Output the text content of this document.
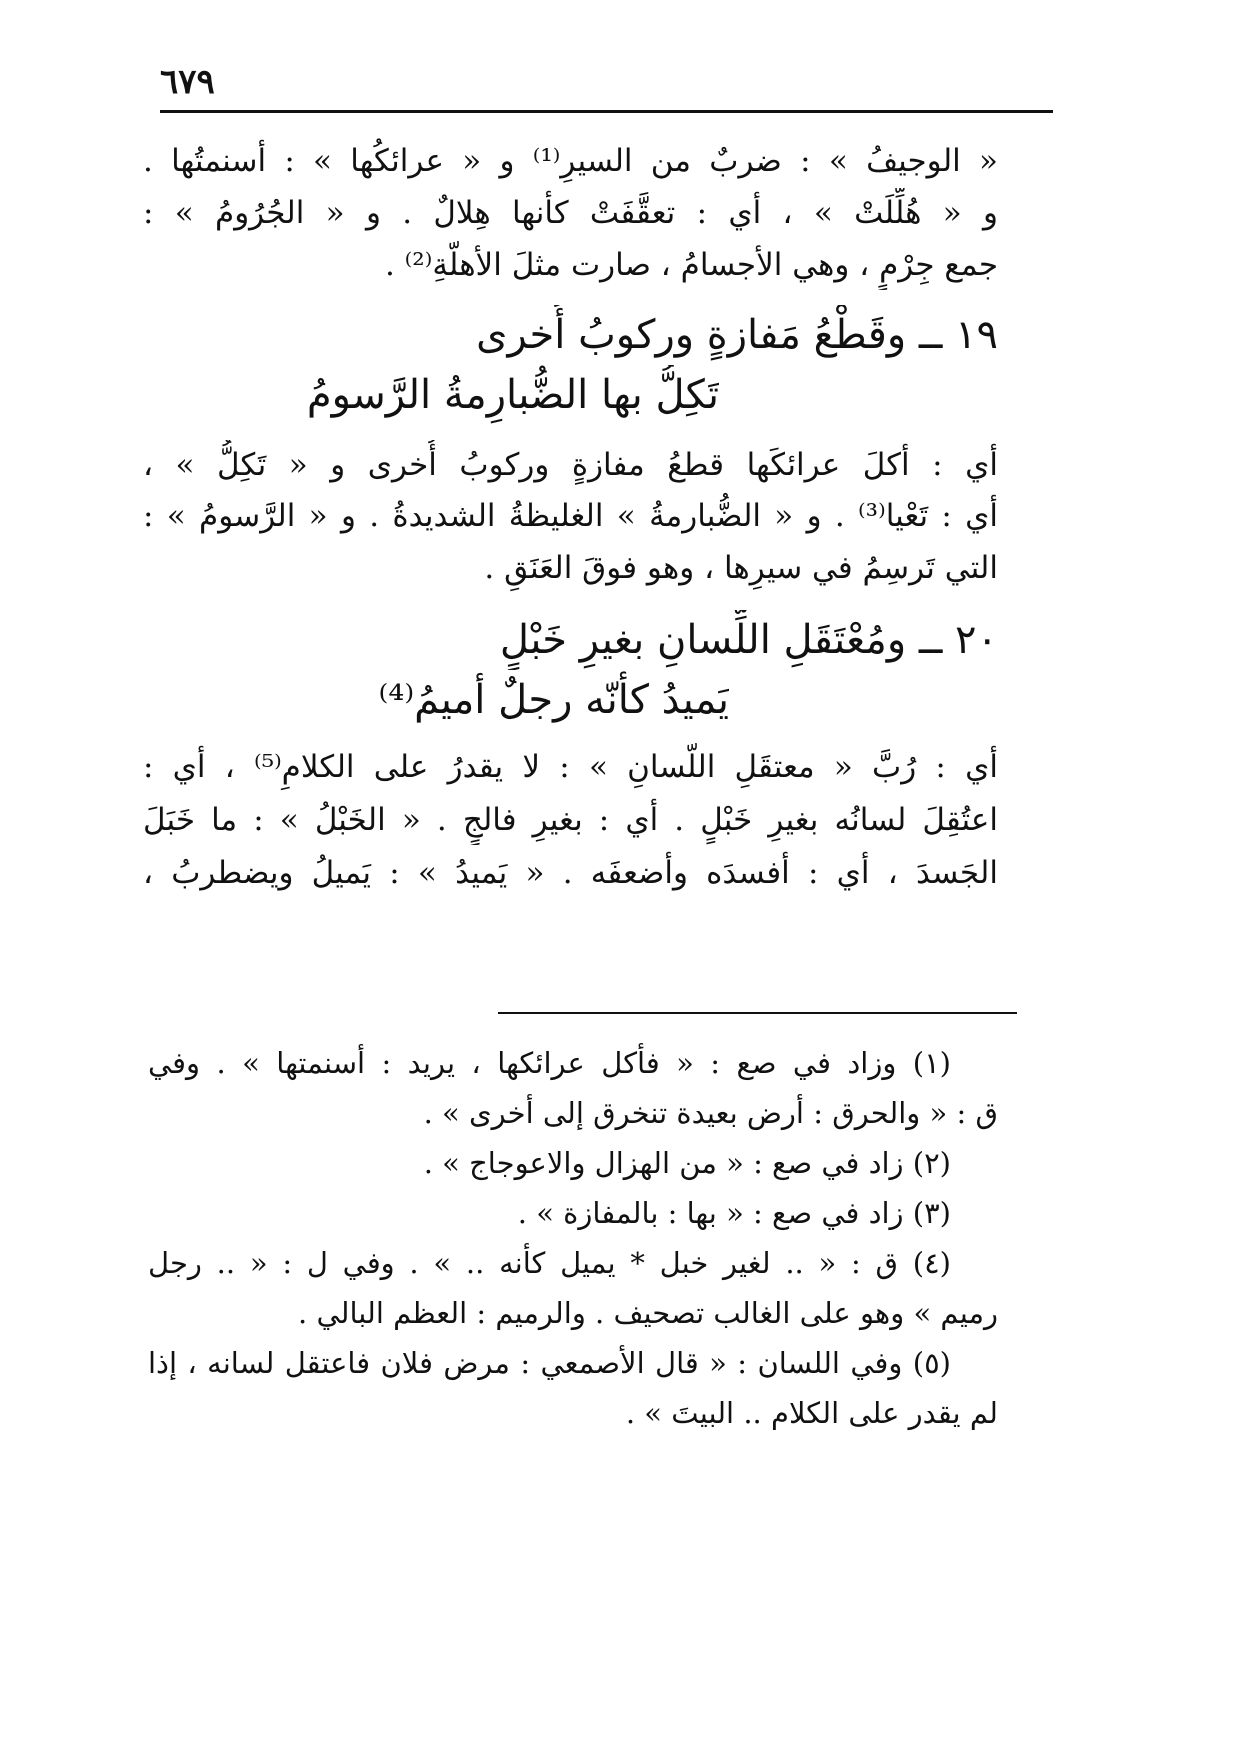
٦٧٩
« الوجيفُ » : ضربٌ من السيرِ⁽¹⁾ و « عرائكُها » : أسنمتُها .
و « هُلِّلَتْ » ، أي : تعقَّفَتْ كأنها هِلالٌ . و « الجُرُومُ » :
جمع جِرْمٍ ، وهي الأجسامُ ، صارت مثلَ الأهلّةِ⁽²⁾ .
١٩ ــ وقَطْعُ مَفازةٍ وركوبُ أُخرى
تَكِلُّ بها الضُّبارِمةُ الرَّسومُ
أي : أكلَ عرائكَها قطعُ مفازةٍ وركوبُ أُخرى و « تَكِلُّ » ،
أي : تَعْيا⁽³⁾ . و « الضُّبارمةُ » الغليظةُ الشديدةُ . و « الرَّسومُ » :
التي تَرسِمُ في سيرِها ، وهو فوقَ العَنَقِ .
٢٠ ــ ومُعْتَقَلِ اللِّسانِ بغيرِ خَبْلٍ
يَميدُ كأنّه رجلٌ أميمُ⁽⁴⁾
أي : رُبَّ « معتقَلِ اللّسانِ » : لا يقدرُ على الكلامِ⁽⁵⁾ ، أي :
اعتُقِلَ لسانُه بغيرِ خَبْلٍ . أي : بغيرِ فالجٍ . « الخَبْلُ » : ما خَبَلَ
الجَسدَ ، أي : أفسدَه وأضعفَه . « يَميدُ » : يَميلُ ويضطربُ ،
(١) وزاد في صع : « فأكل عرائكها ، يريد : أسنمتها » . وفي
ق : « والحرق : أرض بعيدة تنخرق إلى أخرى » .
(٢) زاد في صع : « من الهزال والاعوجاج » .
(٣) زاد في صع : « بها : بالمفازة » .
(٤) ق : « .. لغير خبل * يميل كأنه .. » . وفي ل : « .. رجل
رميم » وهو على الغالب تصحيف . والرميم : العظم البالي .
(٥) وفي اللسان : « قال الأصمعي : مرض فلان فاعتقل لسانه ، إذا
لم يقدر على الكلام .. البيتَ » .
